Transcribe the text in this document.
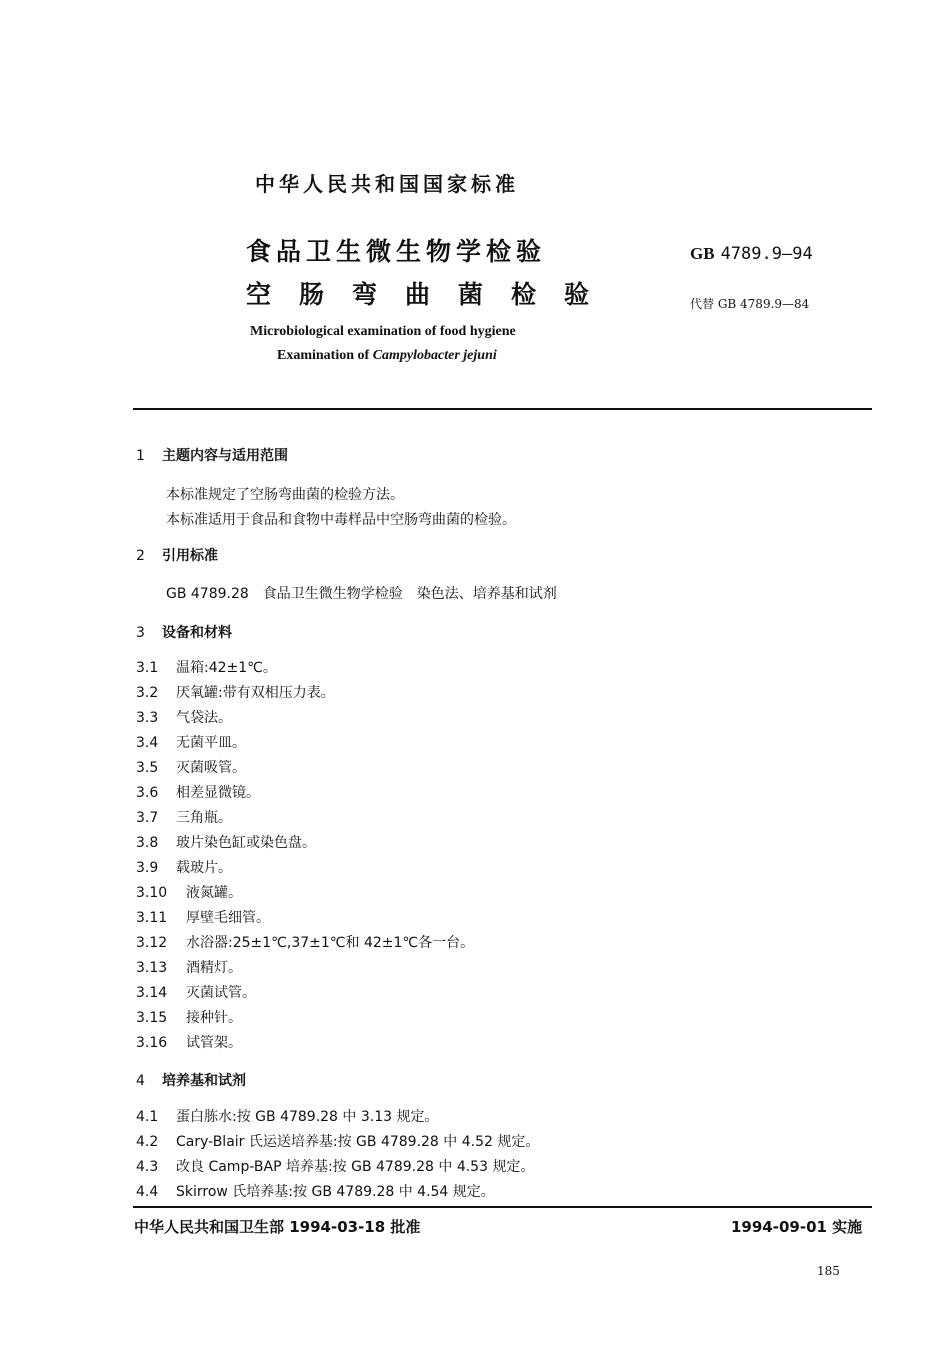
中华人民共和国国家标准
食品卫生微生物学检验
空肠弯曲菌检验
GB 4789.9—94
代替 GB 4789.9—84
Microbiological examination of food hygiene
Examination of Campylobacter jejuni
1 主题内容与适用范围
本标准规定了空肠弯曲菌的检验方法。
本标准适用于食品和食物中毒样品中空肠弯曲菌的检验。
2 引用标准
GB 4789.28　食品卫生微生物学检验　染色法、培养基和试剂
3 设备和材料
3.1 温箱:42±1℃。
3.2 厌氧罐:带有双相压力表。
3.3 气袋法。
3.4 无菌平皿。
3.5 灭菌吸管。
3.6 相差显微镜。
3.7 三角瓶。
3.8 玻片染色缸或染色盘。
3.9 载玻片。
3.10 液氮罐。
3.11 厚壁毛细管。
3.12 水浴器:25±1℃,37±1℃和 42±1℃各一台。
3.13 酒精灯。
3.14 灭菌试管。
3.15 接种针。
3.16 试管架。
4 培养基和试剂
4.1 蛋白胨水:按 GB 4789.28 中 3.13 规定。
4.2 Cary-Blair 氏运送培养基:按 GB 4789.28 中 4.52 规定。
4.3 改良 Camp-BAP 培养基:按 GB 4789.28 中 4.53 规定。
4.4 Skirrow 氏培养基:按 GB 4789.28 中 4.54 规定。
中华人民共和国卫生部 1994-03-18 批准	1994-09-01 实施
185
